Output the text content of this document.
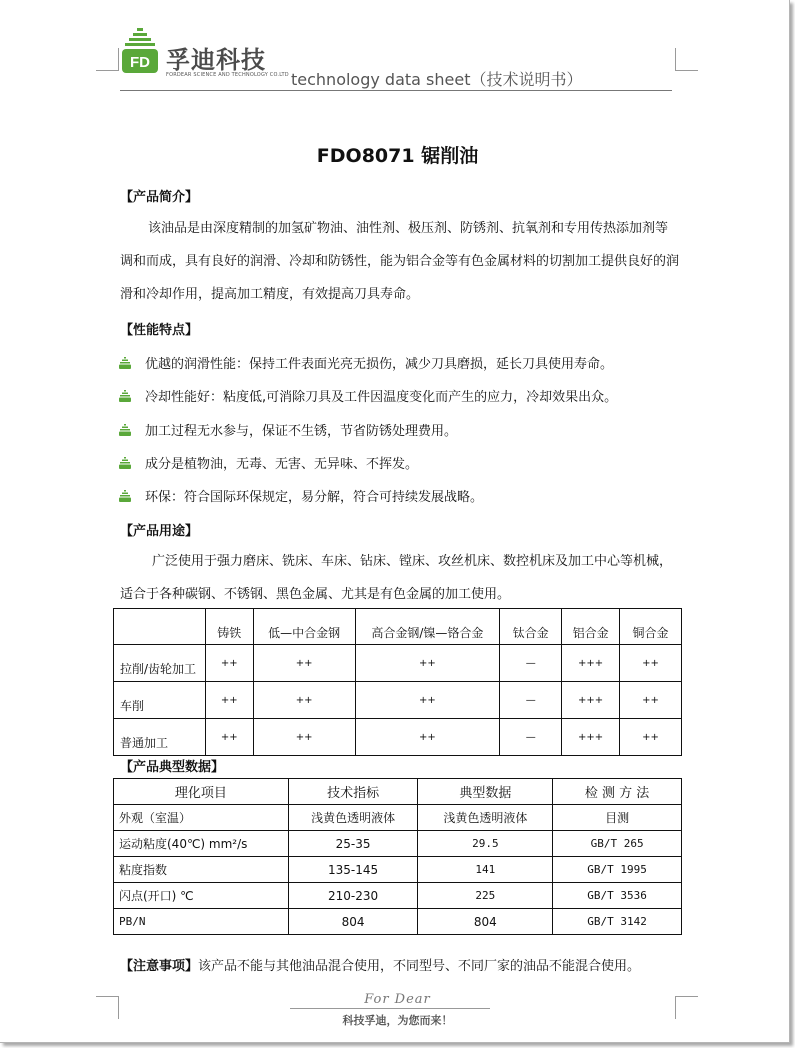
FD 孚迪科技
FORDEAR SCIENCE AND TECHNOLOGY CO.LTD technology data sheet（技术说明书）
FDO8071 锯削油
【产品简介】
该油品是由深度精制的加氢矿物油、油性剂、极压剂、防锈剂、抗氧剂和专用传热添加剂等调和而成，具有良好的润滑、冷却和防锈性，能为铝合金等有色金属材料的切割加工提供良好的润滑和冷却作用，提高加工精度，有效提高刀具寿命。
【性能特点】
优越的润滑性能：保持工件表面光亮无损伤，减少刀具磨损，延长刀具使用寿命。
冷却性能好：粘度低,可消除刀具及工件因温度变化而产生的应力，冷却效果出众。
加工过程无水参与，保证不生锈，节省防锈处理费用。
成分是植物油，无毒、无害、无异味、不挥发。
环保：符合国际环保规定，易分解，符合可持续发展战略。
【产品用途】
广泛使用于强力磨床、铣床、车床、钻床、镗床、攻丝机床、数控机床及加工中心等机械，适合于各种碳钢、不锈钢、黑色金属、尤其是有色金属的加工使用。
	铸铁	低—中合金钢	高合金钢/镍—铬合金	钛合金	铝合金	铜合金
拉削/齿轮加工	++	++	++	—	+++	++
车削	++	++	++	—	+++	++
普通加工	++	++	++	—	+++	++
【产品典型数据】
理化项目	技术指标	典型数据	检 测 方 法
外观（室温）	浅黄色透明液体	浅黄色透明液体	目测
运动粘度(40℃) mm²/s	25-35	29.5	GB/T 265
粘度指数	135-145	141	GB/T 1995
闪点(开口) ℃	210-230	225	GB/T 3536
PB/N	804	804	GB/T 3142
【注意事项】该产品不能与其他油品混合使用，不同型号、不同厂家的油品不能混合使用。
For Dear
科技孚迪，为您而来！
